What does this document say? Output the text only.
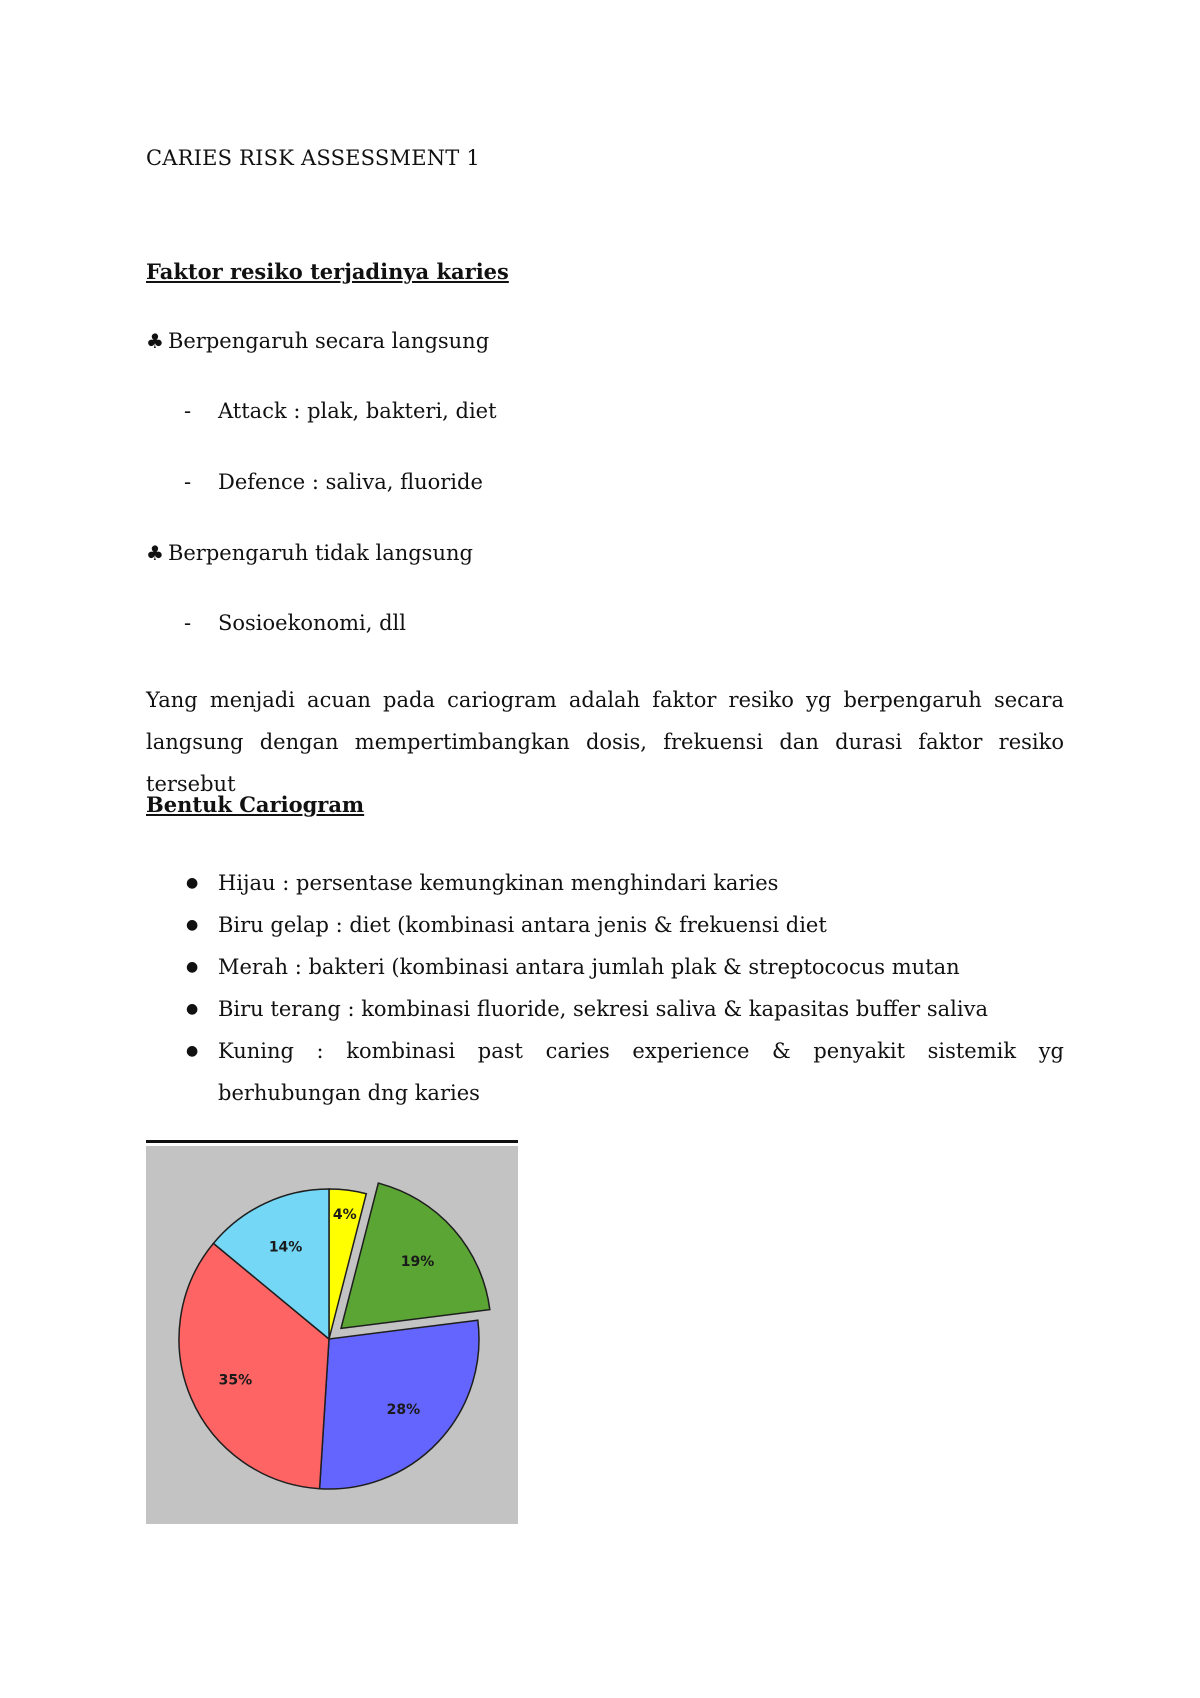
CARIES RISK ASSESSMENT 1
Faktor resiko terjadinya karies

♣ Berpengaruh secara langsung

-	Attack : plak, bakteri, diet

-	Defence : saliva, fluoride

♣ Berpengaruh tidak langsung

-	Sosioekonomi, dll

Yang menjadi acuan pada cariogram adalah faktor resiko yg berpengaruh secara langsung dengan mempertimbangkan dosis, frekuensi dan durasi faktor resiko tersebut

Bentuk Cariogram
● Hijau : persentase kemungkinan menghindari karies
● Biru gelap : diet (kombinasi antara jenis & frekuensi diet
● Merah : bakteri (kombinasi antara jumlah plak & streptococus mutan
● Biru terang : kombinasi fluoride, sekresi saliva & kapasitas buffer saliva
● Kuning : kombinasi past caries experience & penyakit sistemik yg berhubungan dng karies
4%
19%
28%
35%
14%
